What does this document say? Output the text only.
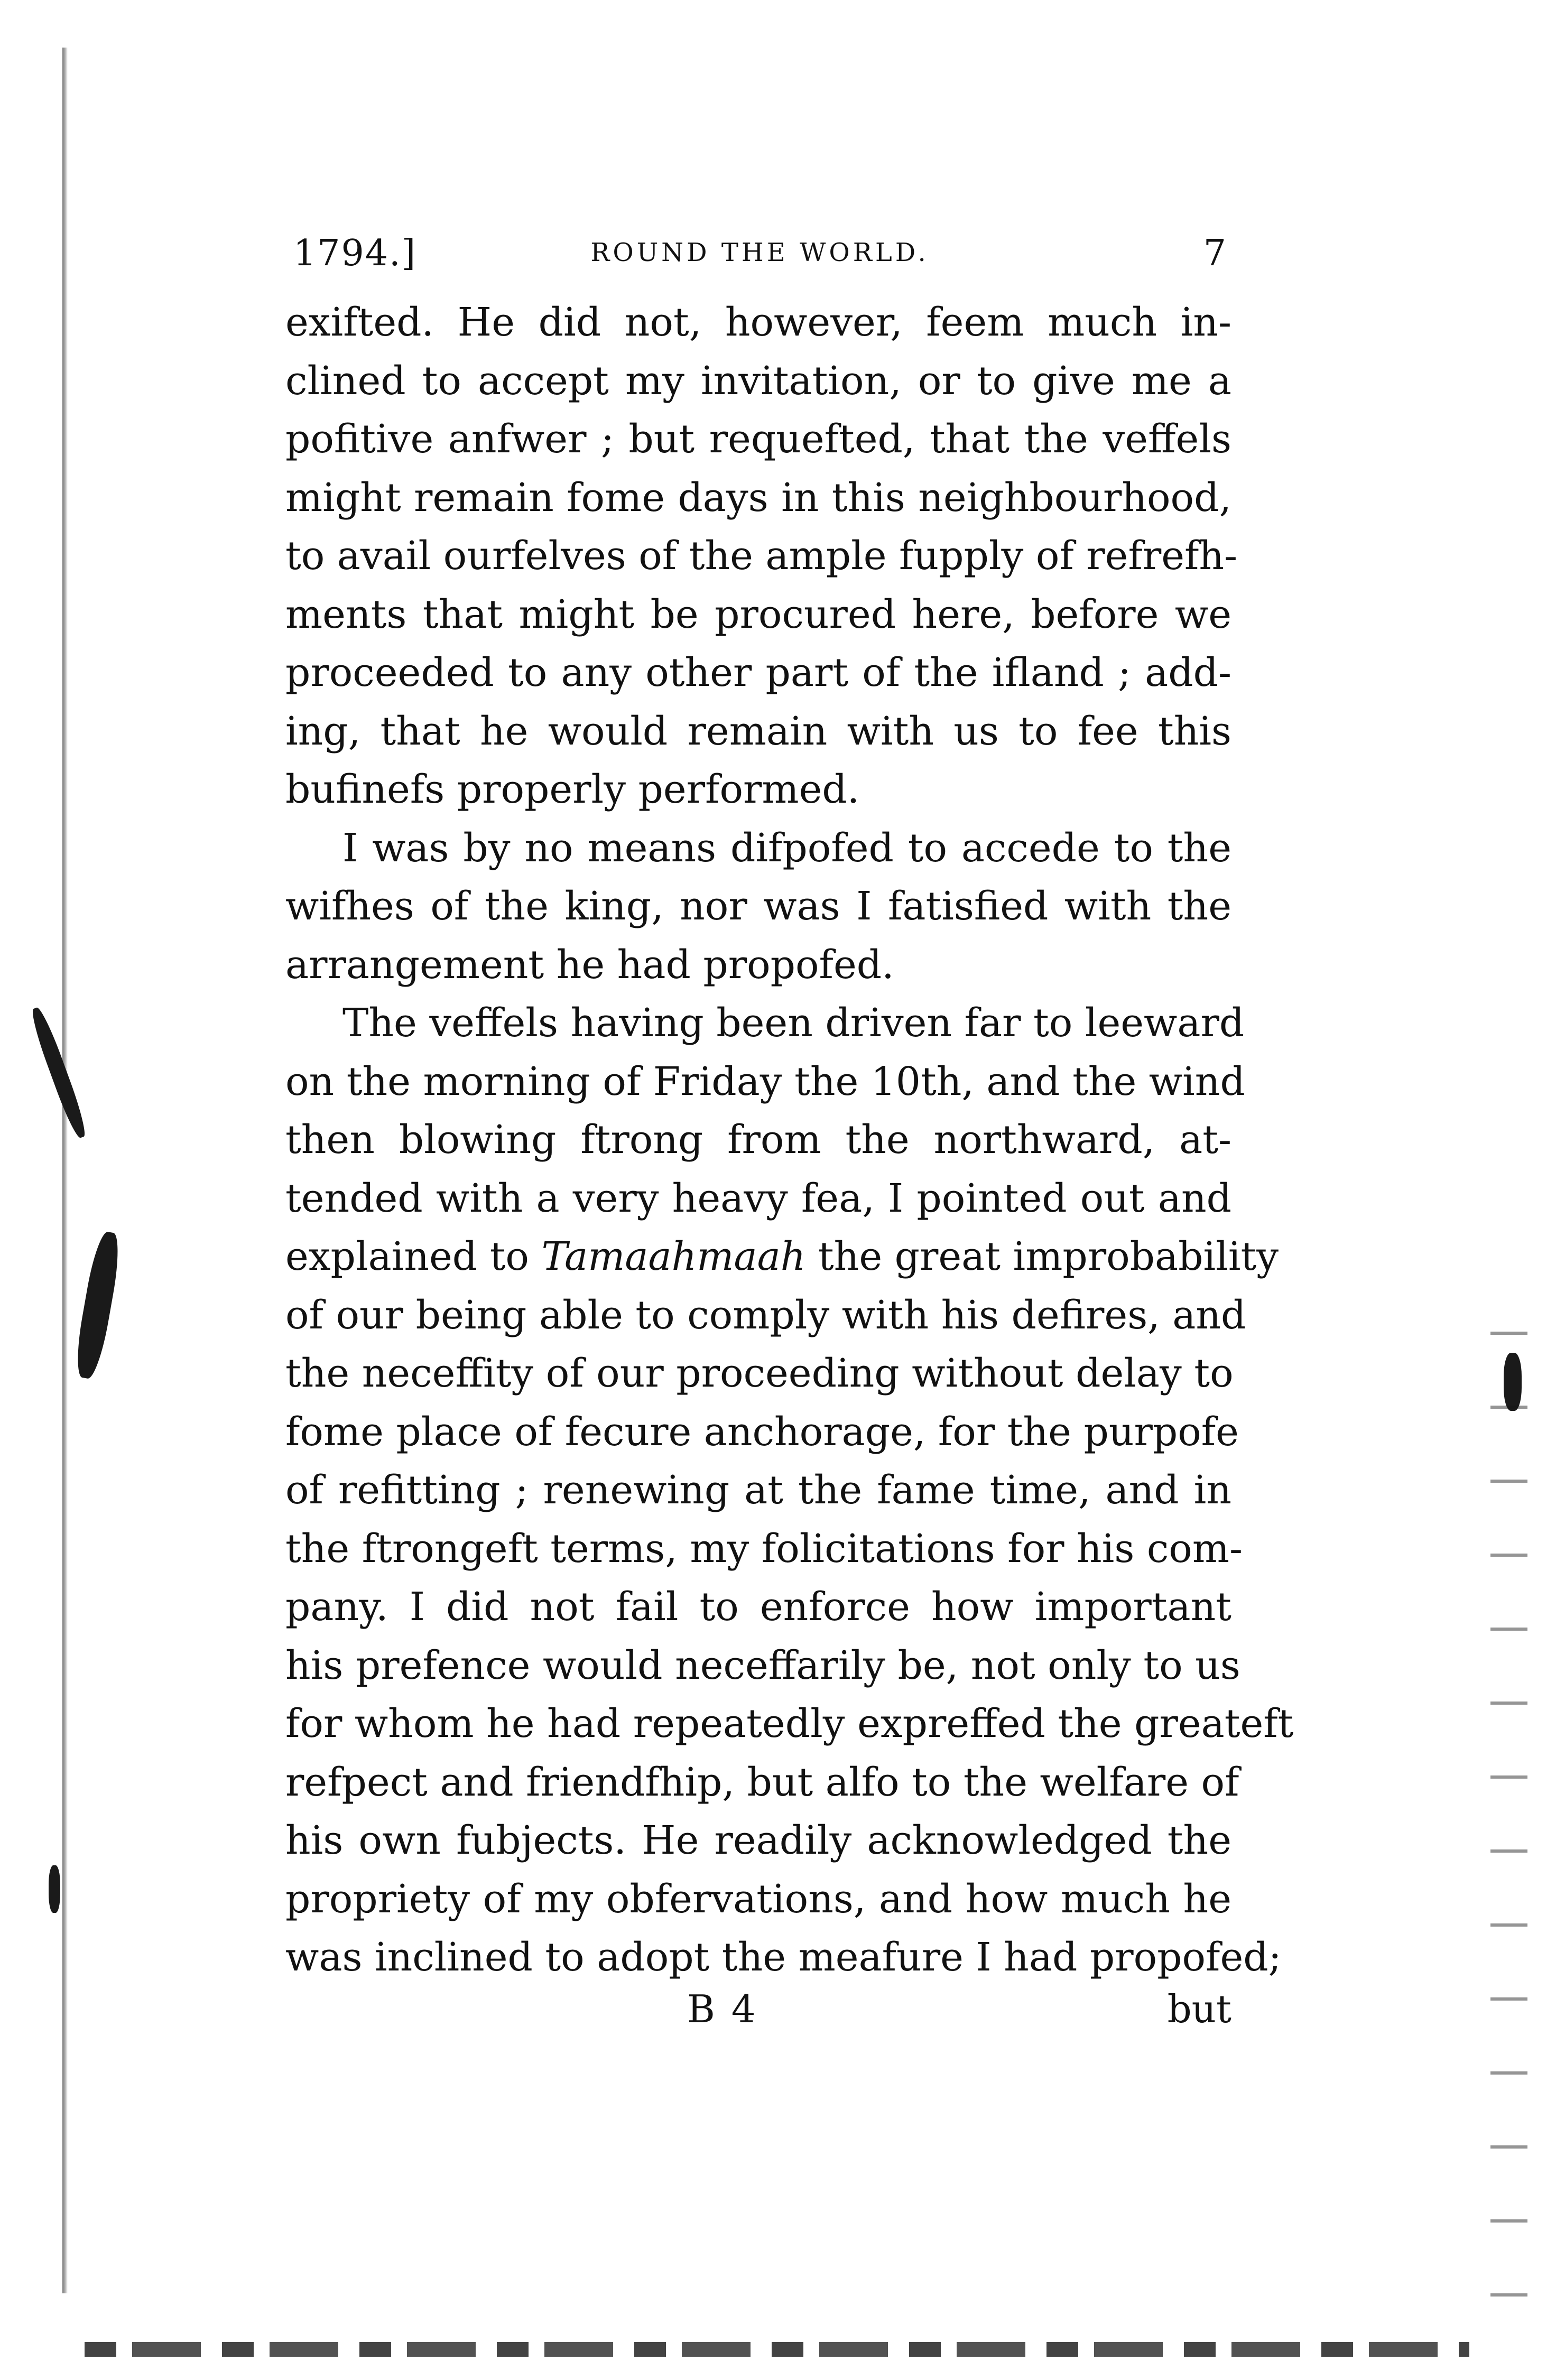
1794.]	ROUND THE WORLD.	7
exifted. He did not, however, feem much in-
clined to accept my invitation, or to give me a
pofitive anfwer ; but requefted, that the veffels
might remain fome days in this neighbourhood,
to avail ourfelves of the ample fupply of refrefh-
ments that might be procured here, before we
proceeded to any other part of the ifland ; add-
ing, that he would remain with us to fee this
bufinefs properly performed.
I was by no means difpofed to accede to the
wifhes of the king, nor was I fatisfied with the
arrangement he had propofed.
The veffels having been driven far to leeward
on the morning of Friday the 10th, and the wind
then blowing ftrong from the northward, at-
tended with a very heavy fea, I pointed out and
explained to Tamaahmaah the great improbability
of our being able to comply with his defires, and
the neceffity of our proceeding without delay to
fome place of fecure anchorage, for the purpofe
of refitting ; renewing at the fame time, and in
the ftrongeft terms, my folicitations for his com-
pany. I did not fail to enforce how important
his prefence would neceffarily be, not only to us
for whom he had repeatedly expreffed the greateft
refpect and friendfhip, but alfo to the welfare of
his own fubjects. He readily acknowledged the
propriety of my obfervations, and how much he
was inclined to adopt the meafure I had propofed;
B 4	but
